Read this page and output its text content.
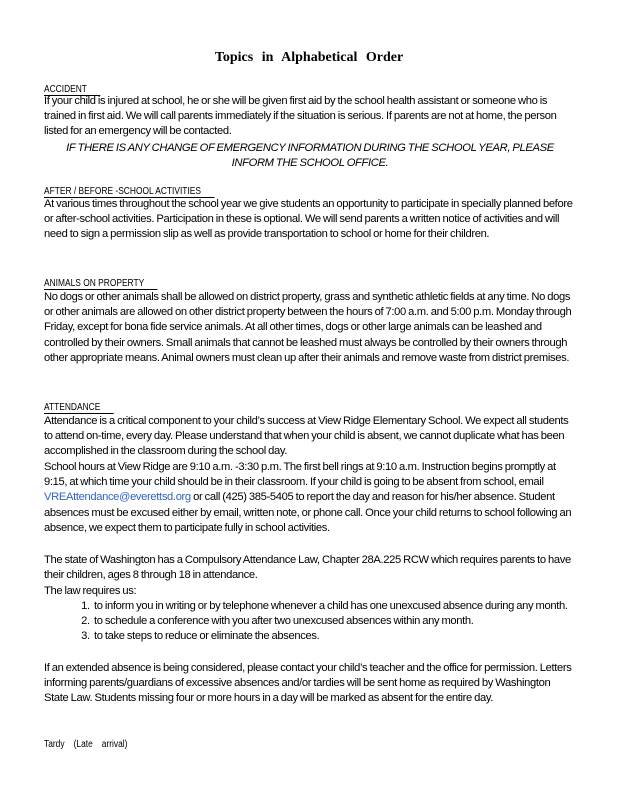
Topics in Alphabetical Order
ACCIDENT
If your child is injured at school, he or she will be given first aid by the school health assistant or someone who is trained in first aid. We will call parents immediately if the situation is serious. If parents are not at home, the person listed for an emergency will be contacted.
IF THERE IS ANY CHANGE OF EMERGENCY INFORMATION DURING THE SCHOOL YEAR, PLEASE INFORM THE SCHOOL OFFICE.
AFTER / BEFORE -SCHOOL ACTIVITIES
At various times throughout the school year we give students an opportunity to participate in specially planned before or after-school activities. Participation in these is optional. We will send parents a written notice of activities and will need to sign a permission slip as well as provide transportation to school or home for their children.
ANIMALS ON PROPERTY
No dogs or other animals shall be allowed on district property, grass and synthetic athletic fields at any time. No dogs or other animals are allowed on other district property between the hours of 7:00 a.m. and 5:00 p.m. Monday through Friday, except for bona fide service animals. At all other times, dogs or other large animals can be leashed and controlled by their owners. Small animals that cannot be leashed must always be controlled by their owners through other appropriate means. Animal owners must clean up after their animals and remove waste from district premises.
ATTENDANCE
Attendance is a critical component to your child’s success at View Ridge Elementary School. We expect all students to attend on-time, every day. Please understand that when your child is absent, we cannot duplicate what has been accomplished in the classroom during the school day.
School hours at View Ridge are 9:10 a.m. -3:30 p.m. The first bell rings at 9:10 a.m. Instruction begins promptly at 9:15, at which time your child should be in their classroom. If your child is going to be absent from school, email VREAttendance@everettsd.org or call (425) 385-5405 to report the day and reason for his/her absence. Student absences must be excused either by email, written note, or phone call. Once your child returns to school following an absence, we expect them to participate fully in school activities.
The state of Washington has a Compulsory Attendance Law, Chapter 28A.225 RCW which requires parents to have their children, ages 8 through 18 in attendance.
The law requires us:
1. to inform you in writing or by telephone whenever a child has one unexcused absence during any month.
2. to schedule a conference with you after two unexcused absences within any month.
3. to take steps to reduce or eliminate the absences.
If an extended absence is being considered, please contact your child’s teacher and the office for permission. Letters informing parents/guardians of excessive absences and/or tardies will be sent home as required by Washington State Law. Students missing four or more hours in a day will be marked as absent for the entire day.
Tardy (Late arrival)
